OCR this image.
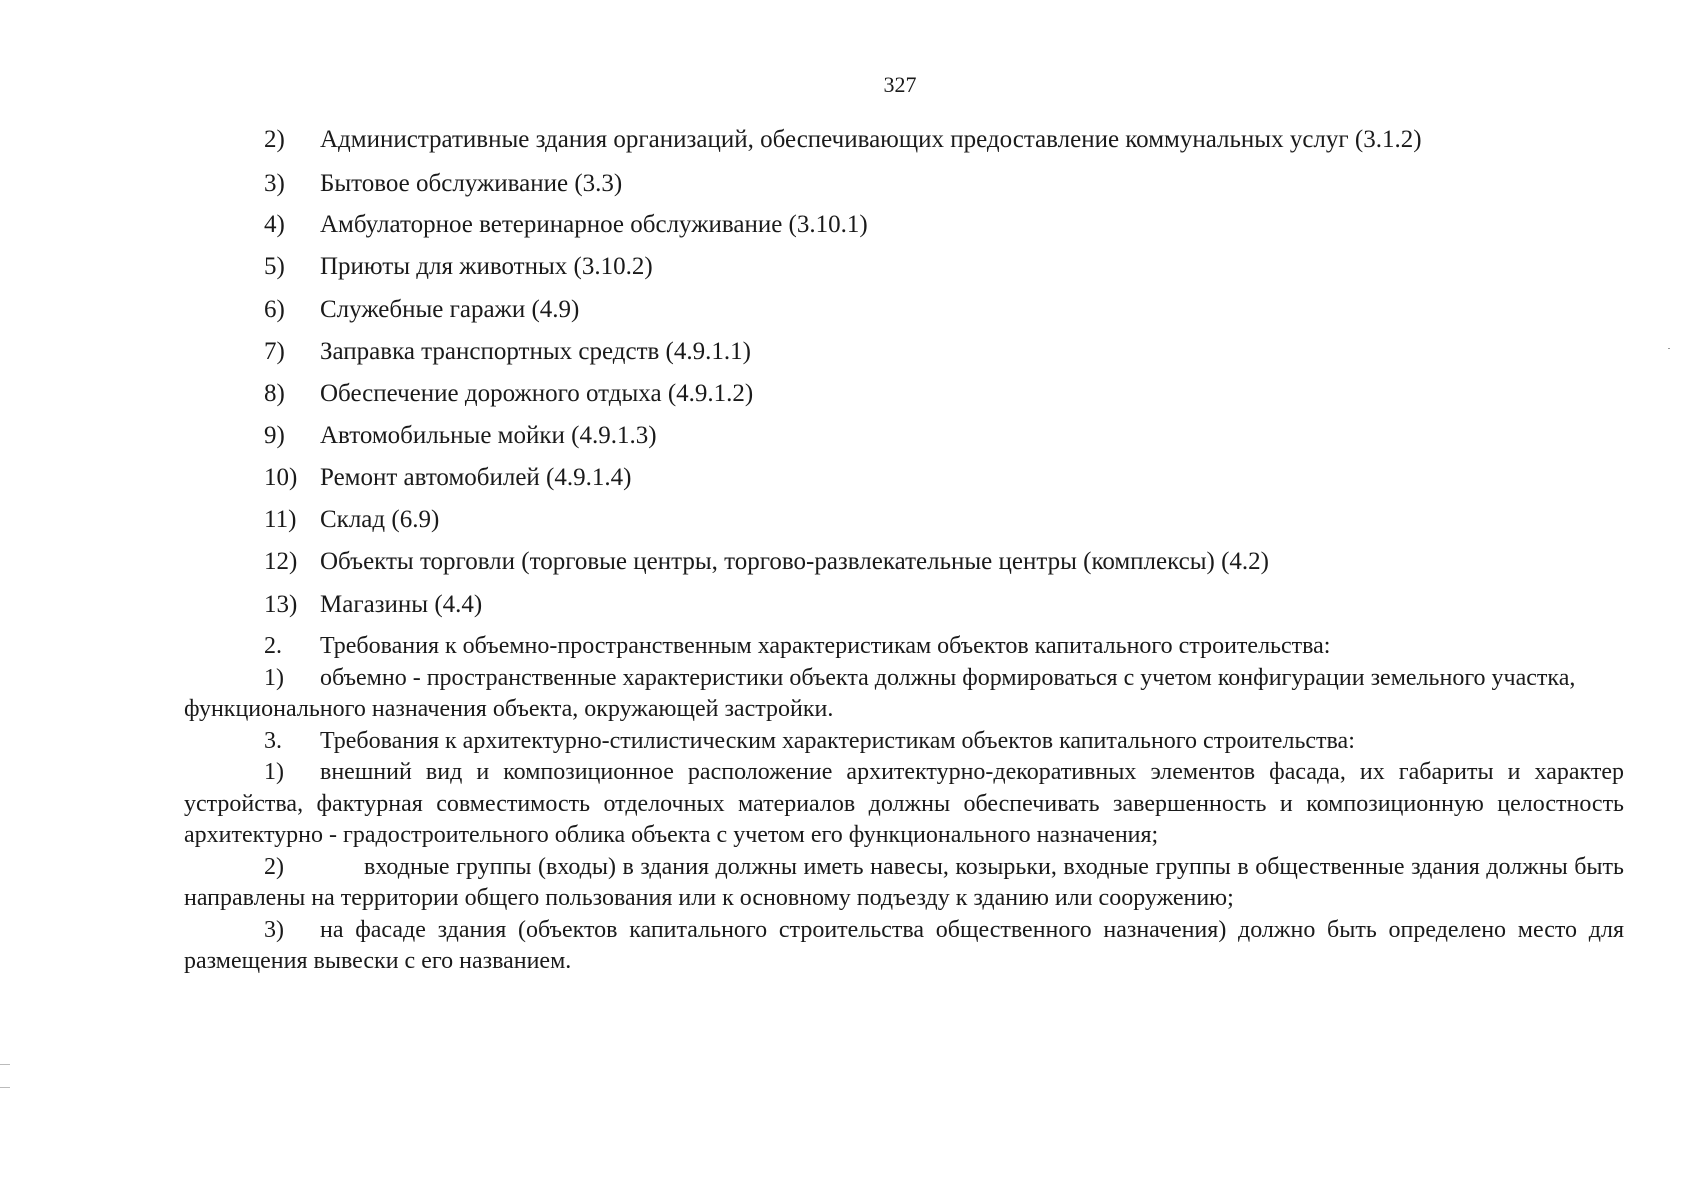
327
2)	Административные здания организаций, обеспечивающих предоставление коммунальных услуг (3.1.2)
3)	Бытовое обслуживание (3.3)
4)	Амбулаторное ветеринарное обслуживание (3.10.1)
5)	Приюты для животных (3.10.2)
6)	Служебные гаражи (4.9)
7)	Заправка транспортных средств (4.9.1.1)
8)	Обеспечение дорожного отдыха (4.9.1.2)
9)	Автомобильные мойки (4.9.1.3)
10) Ремонт автомобилей (4.9.1.4)
11) Склад (6.9)
12) Объекты торговли (торговые центры, торгово-развлекательные центры (комплексы) (4.2)
13) Магазины (4.4)

2. Требования к объемно-пространственным характеристикам объектов капитального строительства:

1) объемно - пространственные характеристики объекта должны формироваться с учетом конфигурации земельного участка, функционального назначения объекта, окружающей застройки.

3. Требования к архитектурно-стилистическим характеристикам объектов капитального строительства:

1) внешний вид и композиционное расположение архитектурно-декоративных элементов фасада, их габариты и характер устройства, фактурная совместимость отделочных материалов должны обеспечивать завершенность и композиционную целостность архитектурно - градостроительного облика объекта с учетом его функционального назначения;

2)	входные группы (входы) в здания должны иметь навесы, козырьки, входные группы в общественные здания должны быть направлены на территории общего пользования или к основному подъезду к зданию или сооружению;

3) на фасаде здания (объектов капитального строительства общественного назначения) должно быть определено место для размещения вывески с его названием.
